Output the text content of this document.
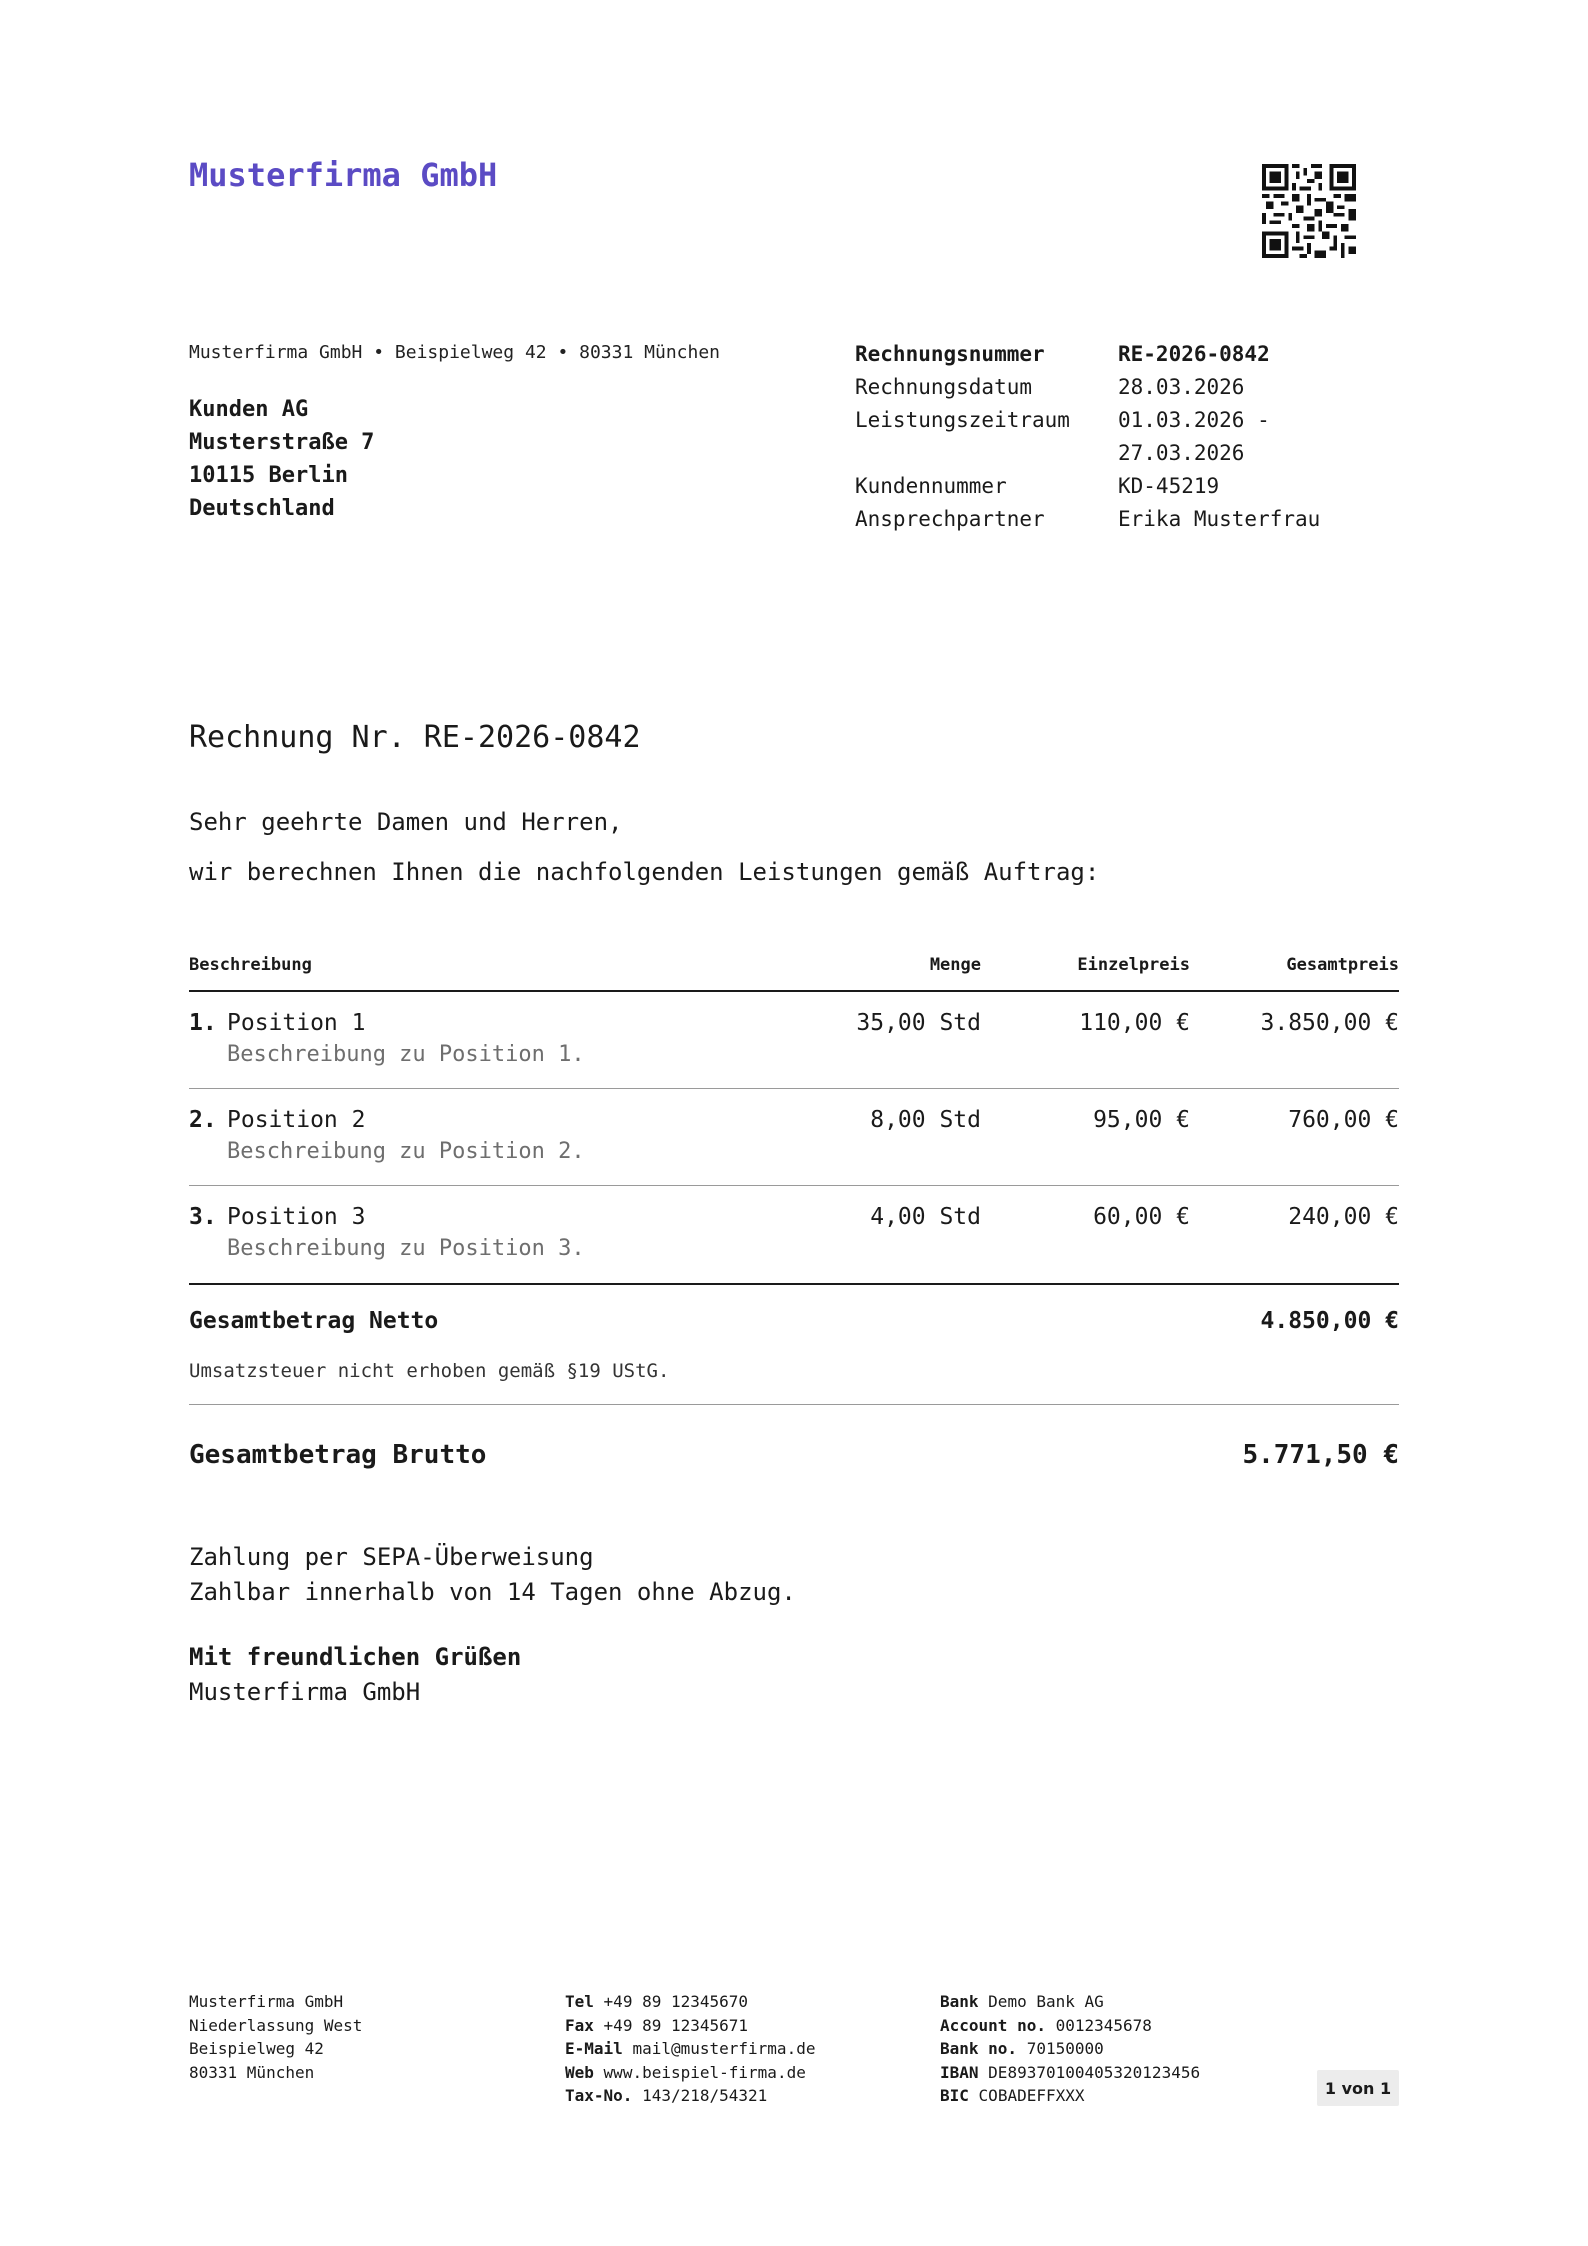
Musterfirma GmbH
Musterfirma GmbH • Beispielweg 42 • 80331 München
Kunden AG
Musterstraße 7
10115 Berlin
Deutschland
Rechnungsnummer	RE-2026-0842
Rechnungsdatum	28.03.2026
Leistungszeitraum	01.03.2026 -
27.03.2026
Kundennummer	KD-45219
Ansprechpartner	Erika Musterfrau
Rechnung Nr. RE-2026-0842
Sehr geehrte Damen und Herren,
wir berechnen Ihnen die nachfolgenden Leistungen gemäß Auftrag:
Beschreibung	Menge	Einzelpreis	Gesamtpreis
1. Position 1
Beschreibung zu Position 1.
35,00 Std	110,00 €	3.850,00 €
2. Position 2
Beschreibung zu Position 2.
8,00 Std	95,00 €	760,00 €
3. Position 3
Beschreibung zu Position 3.
4,00 Std	60,00 €	240,00 €
Gesamtbetrag Netto	4.850,00 €
Umsatzsteuer nicht erhoben gemäß §19 UStG.
Gesamtbetrag Brutto	5.771,50 €
Zahlung per SEPA-Überweisung
Zahlbar innerhalb von 14 Tagen ohne Abzug.
Mit freundlichen Grüßen
Musterfirma GmbH
Musterfirma GmbH
Niederlassung West
Beispielweg 42
80331 München
Tel +49 89 12345670
Fax +49 89 12345671
E-Mail mail@musterfirma.de
Web www.beispiel-firma.de
Tax-No. 143/218/54321
Bank Demo Bank AG
Account no. 0012345678
Bank no. 70150000
IBAN DE89370100405320123456
BIC COBADEFFXXX	1 von 1
